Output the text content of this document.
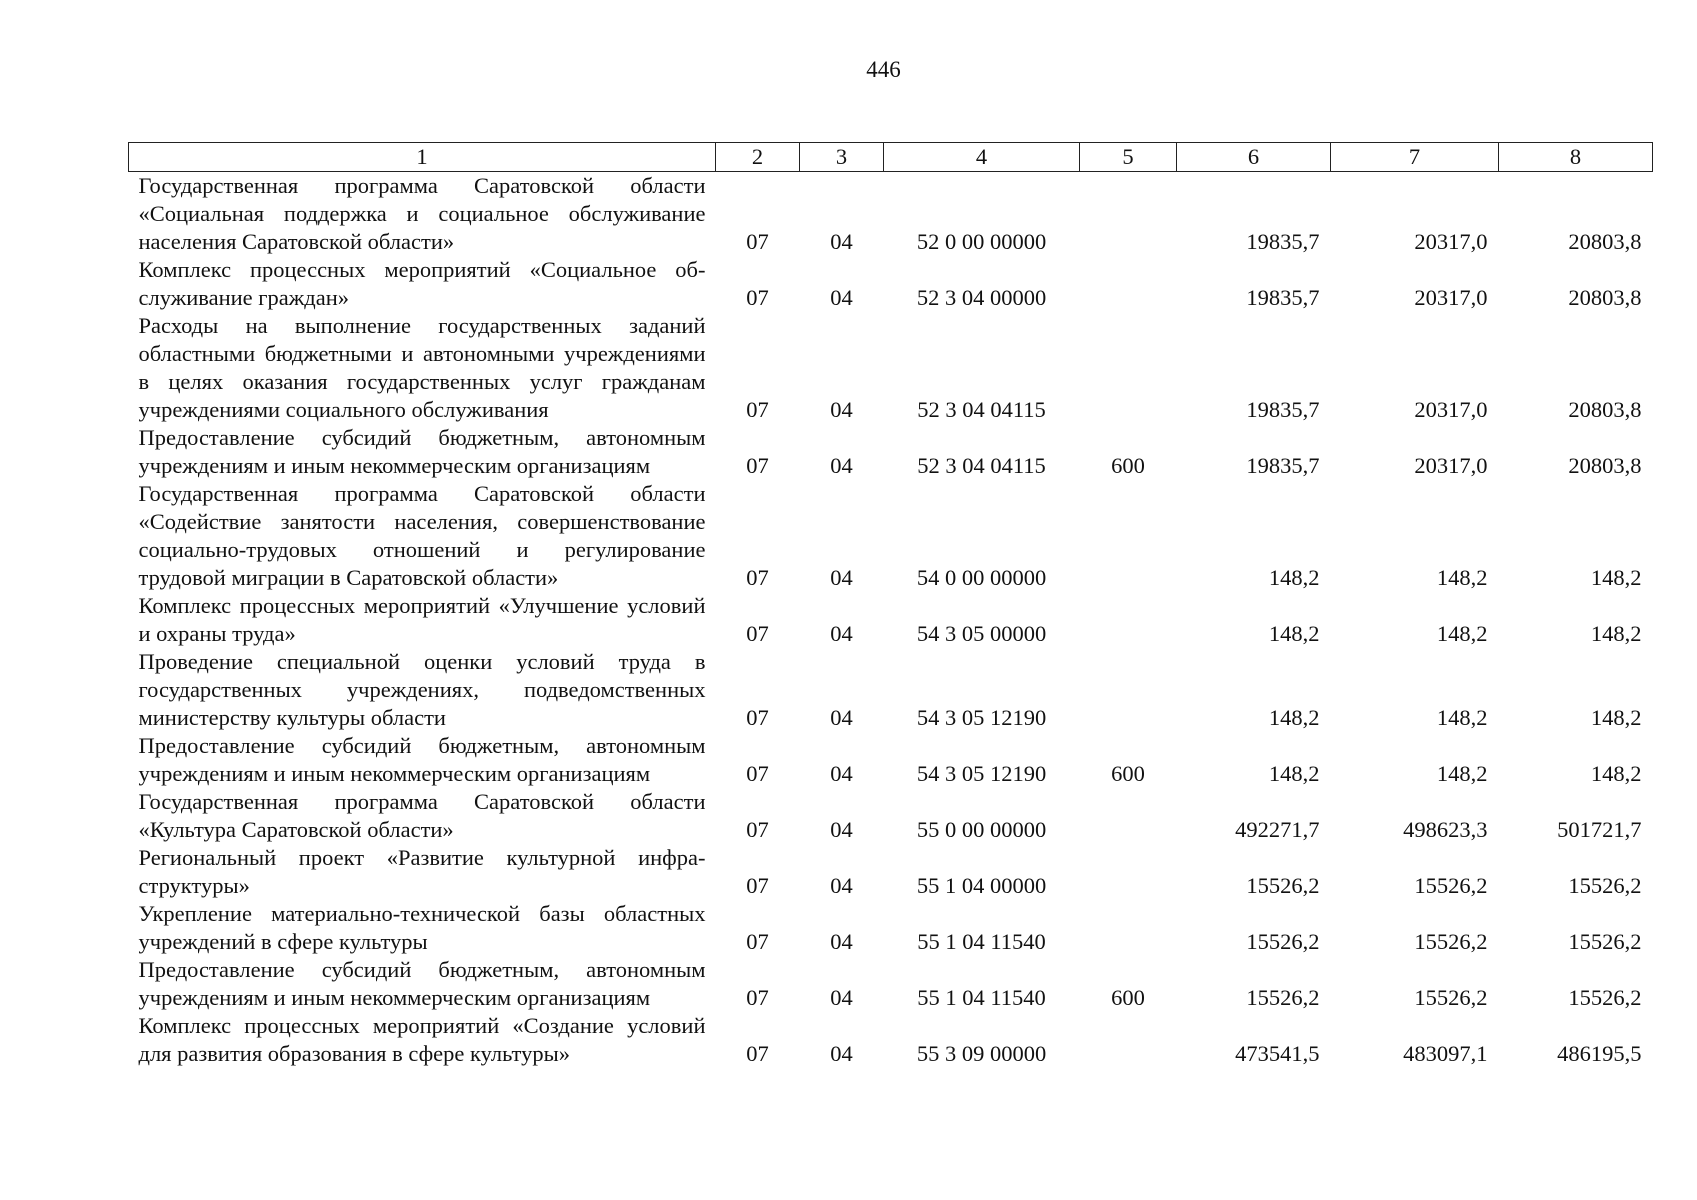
446
1	2	3	4	5	6	7	8
Государственная программа Саратовской области «Социальная поддержка и социальное обслуживание населения Саратовской области»	07	04	52 0 00 00000		19835,7	20317,0	20803,8
Комплекс процессных мероприятий «Социальное обслуживание граждан»	07	04	52 3 04 00000		19835,7	20317,0	20803,8
Расходы на выполнение государственных заданий областными бюджетными и автономными учреждениями в целях оказания государственных услуг гражданам учреждениями социального обслуживания	07	04	52 3 04 04115		19835,7	20317,0	20803,8
Предоставление субсидий бюджетным, автономным учреждениям и иным некоммерческим организациям	07	04	52 3 04 04115	600	19835,7	20317,0	20803,8
Государственная программа Саратовской области «Содействие занятости населения, совершенствование социально-трудовых отношений и регулирование трудовой миграции в Саратовской области»	07	04	54 0 00 00000		148,2	148,2	148,2
Комплекс процессных мероприятий «Улучшение условий и охраны труда»	07	04	54 3 05 00000		148,2	148,2	148,2
Проведение специальной оценки условий труда в государственных учреждениях, подведомственных министерству культуры области	07	04	54 3 05 12190		148,2	148,2	148,2
Предоставление субсидий бюджетным, автономным учреждениям и иным некоммерческим организациям	07	04	54 3 05 12190	600	148,2	148,2	148,2
Государственная программа Саратовской области «Культура Саратовской области»	07	04	55 0 00 00000		492271,7	498623,3	501721,7
Региональный проект «Развитие культурной инфраструктуры»	07	04	55 1 04 00000		15526,2	15526,2	15526,2
Укрепление материально-технической базы областных учреждений в сфере культуры	07	04	55 1 04 11540		15526,2	15526,2	15526,2
Предоставление субсидий бюджетным, автономным учреждениям и иным некоммерческим организациям	07	04	55 1 04 11540	600	15526,2	15526,2	15526,2
Комплекс процессных мероприятий «Создание условий для развития образования в сфере культуры»	07	04	55 3 09 00000		473541,5	483097,1	486195,5
